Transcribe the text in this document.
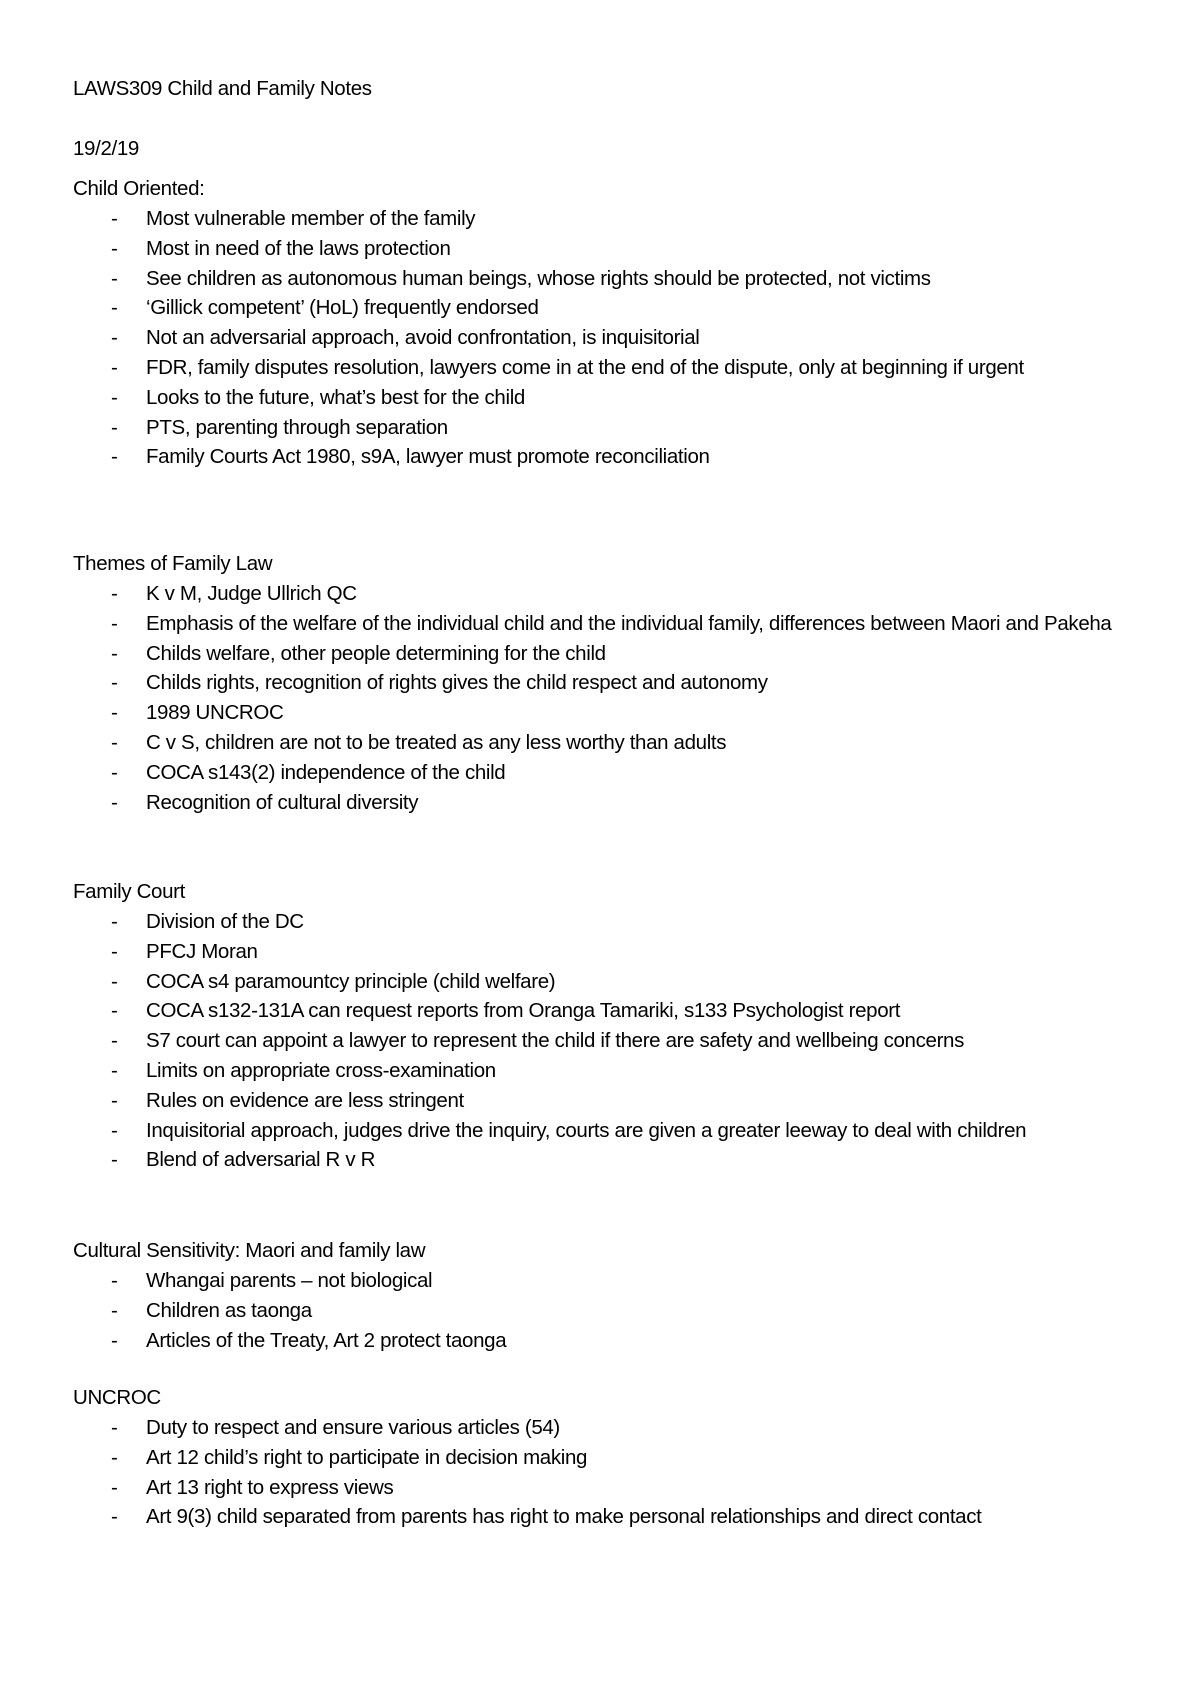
LAWS309 Child and Family Notes
19/2/19
Child Oriented:
- Most vulnerable member of the family
- Most in need of the laws protection
- See children as autonomous human beings, whose rights should be protected, not victims
- ‘Gillick competent’ (HoL) frequently endorsed
- Not an adversarial approach, avoid confrontation, is inquisitorial
- FDR, family disputes resolution, lawyers come in at the end of the dispute, only at beginning if urgent
- Looks to the future, what’s best for the child
- PTS, parenting through separation
- Family Courts Act 1980, s9A, lawyer must promote reconciliation
Themes of Family Law
- K v M, Judge Ullrich QC
- Emphasis of the welfare of the individual child and the individual family, differences between Maori and Pakeha
- Childs welfare, other people determining for the child
- Childs rights, recognition of rights gives the child respect and autonomy
- 1989 UNCROC
- C v S, children are not to be treated as any less worthy than adults
- COCA s143(2) independence of the child
- Recognition of cultural diversity
Family Court
- Division of the DC
- PFCJ Moran
- COCA s4 paramountcy principle (child welfare)
- COCA s132-131A can request reports from Oranga Tamariki, s133 Psychologist report
- S7 court can appoint a lawyer to represent the child if there are safety and wellbeing concerns
- Limits on appropriate cross-examination
- Rules on evidence are less stringent
- Inquisitorial approach, judges drive the inquiry, courts are given a greater leeway to deal with children
- Blend of adversarial R v R
Cultural Sensitivity: Maori and family law
- Whangai parents – not biological
- Children as taonga
- Articles of the Treaty, Art 2 protect taonga
UNCROC
- Duty to respect and ensure various articles (54)
- Art 12 child’s right to participate in decision making
- Art 13 right to express views
- Art 9(3) child separated from parents has right to make personal relationships and direct contact
